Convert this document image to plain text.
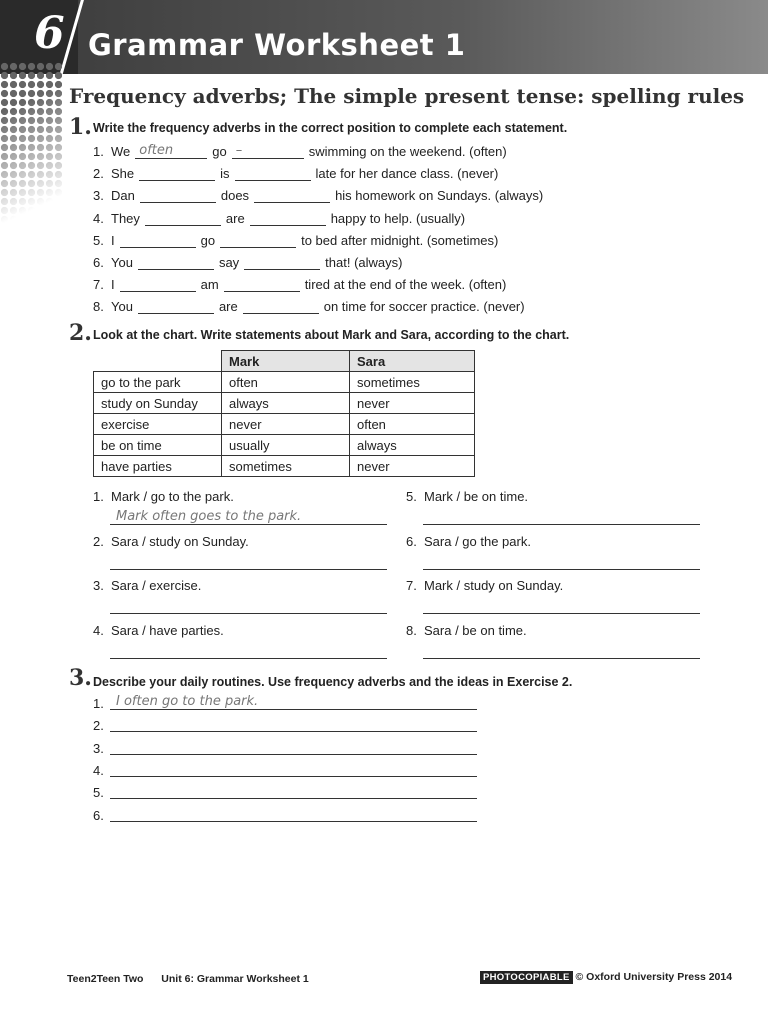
6 Grammar Worksheet 1
Frequency adverbs; The simple present tense: spelling rules
1. Write the frequency adverbs in the correct position to complete each statement.
1. We often	go –	swimming on the weekend. (often)
2. She	is	late for her dance class. (never)
3. Dan	does	his homework on Sundays. (always)
4. They	are	happy to help. (usually)
5. I	go	to bed after midnight. (sometimes)
6. You	say	that! (always)
7. I	am	tired at the end of the week. (often)
8. You	are	on time for soccer practice. (never)
2. Look at the chart. Write statements about Mark and Sara, according to the chart.
	Mark	Sara
go to the park	often	sometimes
study on Sunday	always	never
exercise	never	often
be on time	usually	always
have parties	sometimes	never
1. Mark / go to the park.
Mark often goes to the park.
2. Sara / study on Sunday.
3. Sara / exercise.
4. Sara / have parties.
5. Mark / be on time.
6. Sara / go the park.
7. Mark / study on Sunday.
8. Sara / be on time.
3. Describe your daily routines. Use frequency adverbs and the ideas in Exercise 2.
1. I often go to the park.
2.
3.
4.
5.
6.
Teen2Teen Two Unit 6: Grammar Worksheet 1	PHOTOCOPIABLE © Oxford University Press 2014
